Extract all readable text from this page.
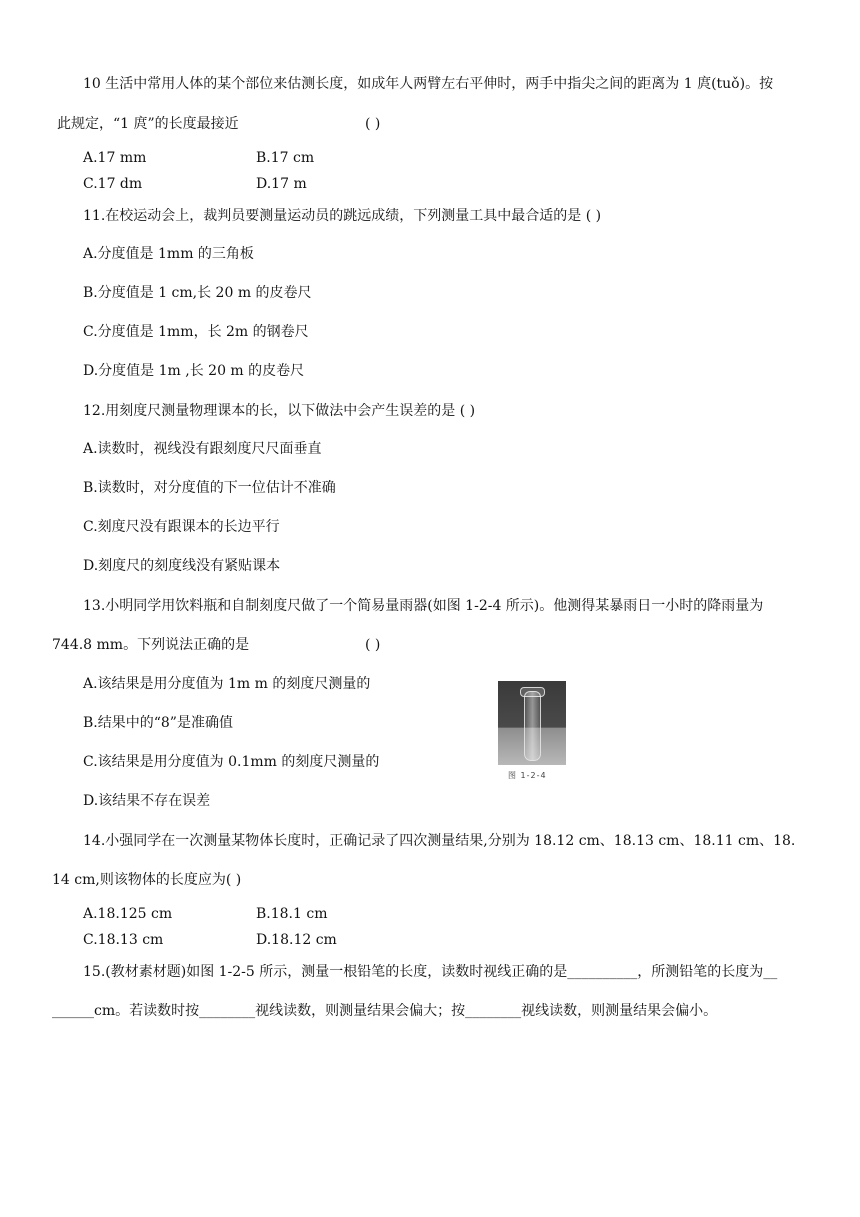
10 生活中常用人体的某个部位来估测长度，如成年人两臂左右平伸时，两手中指尖之间的距离为 1 庹(tuǒ)。按
此规定，“1 庹”的长度最接近	( )
A.17 mm	B.17 cm
C.17 dm	D.17 m
11.在校运动会上，裁判员要测量运动员的跳远成绩，下列测量工具中最合适的是 ( )
A.分度值是 1mm 的三角板
B.分度值是 1 cm,长 20 m 的皮卷尺
C.分度值是 1mm，长 2m 的钢卷尺
D.分度值是 1m ,长 20 m 的皮卷尺
12.用刻度尺测量物理课本的长，以下做法中会产生误差的是 ( )
A.读数时，视线没有跟刻度尺尺面垂直
B.读数时，对分度值的下一位估计不准确
C.刻度尺没有跟课本的长边平行
D.刻度尺的刻度线没有紧贴课本
13.小明同学用饮料瓶和自制刻度尺做了一个简易量雨器(如图 1-2-4 所示)。他测得某暴雨日一小时的降雨量为
744.8 mm。下列说法正确的是	( )
A.该结果是用分度值为 1m m 的刻度尺测量的
B.结果中的“8”是准确值
C.该结果是用分度值为 0.1mm 的刻度尺测量的
D.该结果不存在误差
图 1-2-4
14.小强同学在一次测量某物体长度时，正确记录了四次测量结果,分别为 18.12 cm、18.13 cm、18.11 cm、18.
14 cm,则该物体的长度应为( )
A.18.125 cm	B.18.1 cm
C.18.13 cm	D.18.12 cm
15.(教材素材题)如图 1-2-5 所示，测量一根铅笔的长度，读数时视线正确的是__________，所测铅笔的长度为__
______cm。若读数时按________视线读数，则测量结果会偏大；按________视线读数，则测量结果会偏小。
